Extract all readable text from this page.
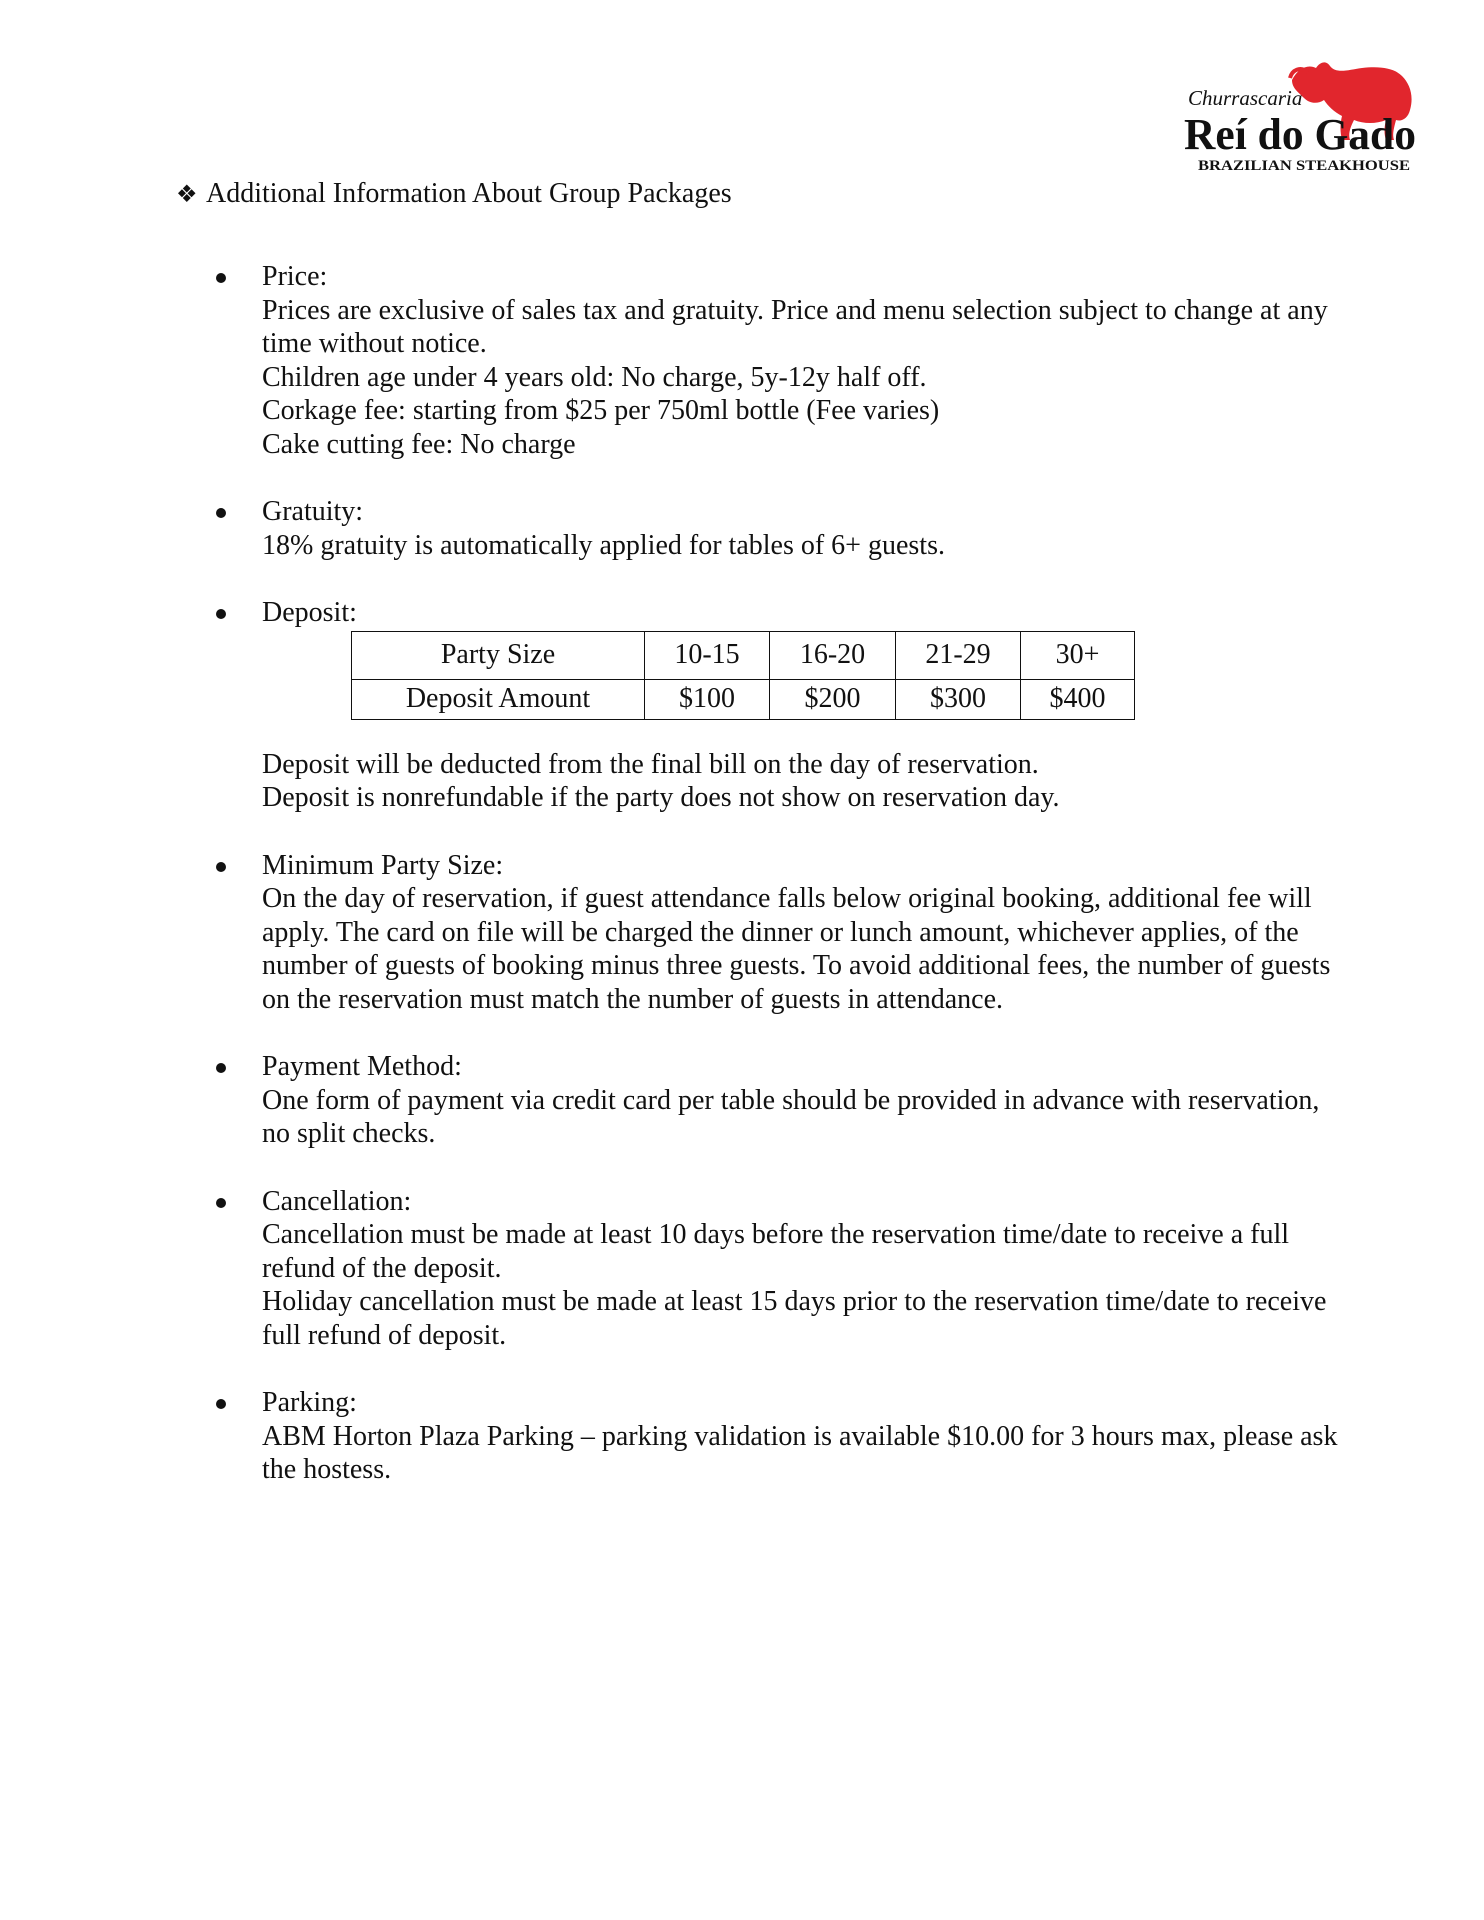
Churrascaria
Reí do Gado
BRAZILIAN STEAKHOUSE
❖ Additional Information About Group Packages
Price:
Prices are exclusive of sales tax and gratuity. Price and menu selection subject to change at any time without notice.
Children age under 4 years old: No charge, 5y-12y half off.
Corkage fee: starting from $25 per 750ml bottle (Fee varies)
Cake cutting fee: No charge
Gratuity:
18% gratuity is automatically applied for tables of 6+ guests.
Deposit:
Party Size	10-15	16-20	21-29	30+
Deposit Amount	$100	$200	$300	$400
Deposit will be deducted from the final bill on the day of reservation.
Deposit is nonrefundable if the party does not show on reservation day.
Minimum Party Size:
On the day of reservation, if guest attendance falls below original booking, additional fee will apply. The card on file will be charged the dinner or lunch amount, whichever applies, of the number of guests of booking minus three guests. To avoid additional fees, the number of guests on the reservation must match the number of guests in attendance.
Payment Method:
One form of payment via credit card per table should be provided in advance with reservation, no split checks.
Cancellation:
Cancellation must be made at least 10 days before the reservation time/date to receive a full refund of the deposit.
Holiday cancellation must be made at least 15 days prior to the reservation time/date to receive full refund of deposit.
Parking:
ABM Horton Plaza Parking – parking validation is available $10.00 for 3 hours max, please ask the hostess.
